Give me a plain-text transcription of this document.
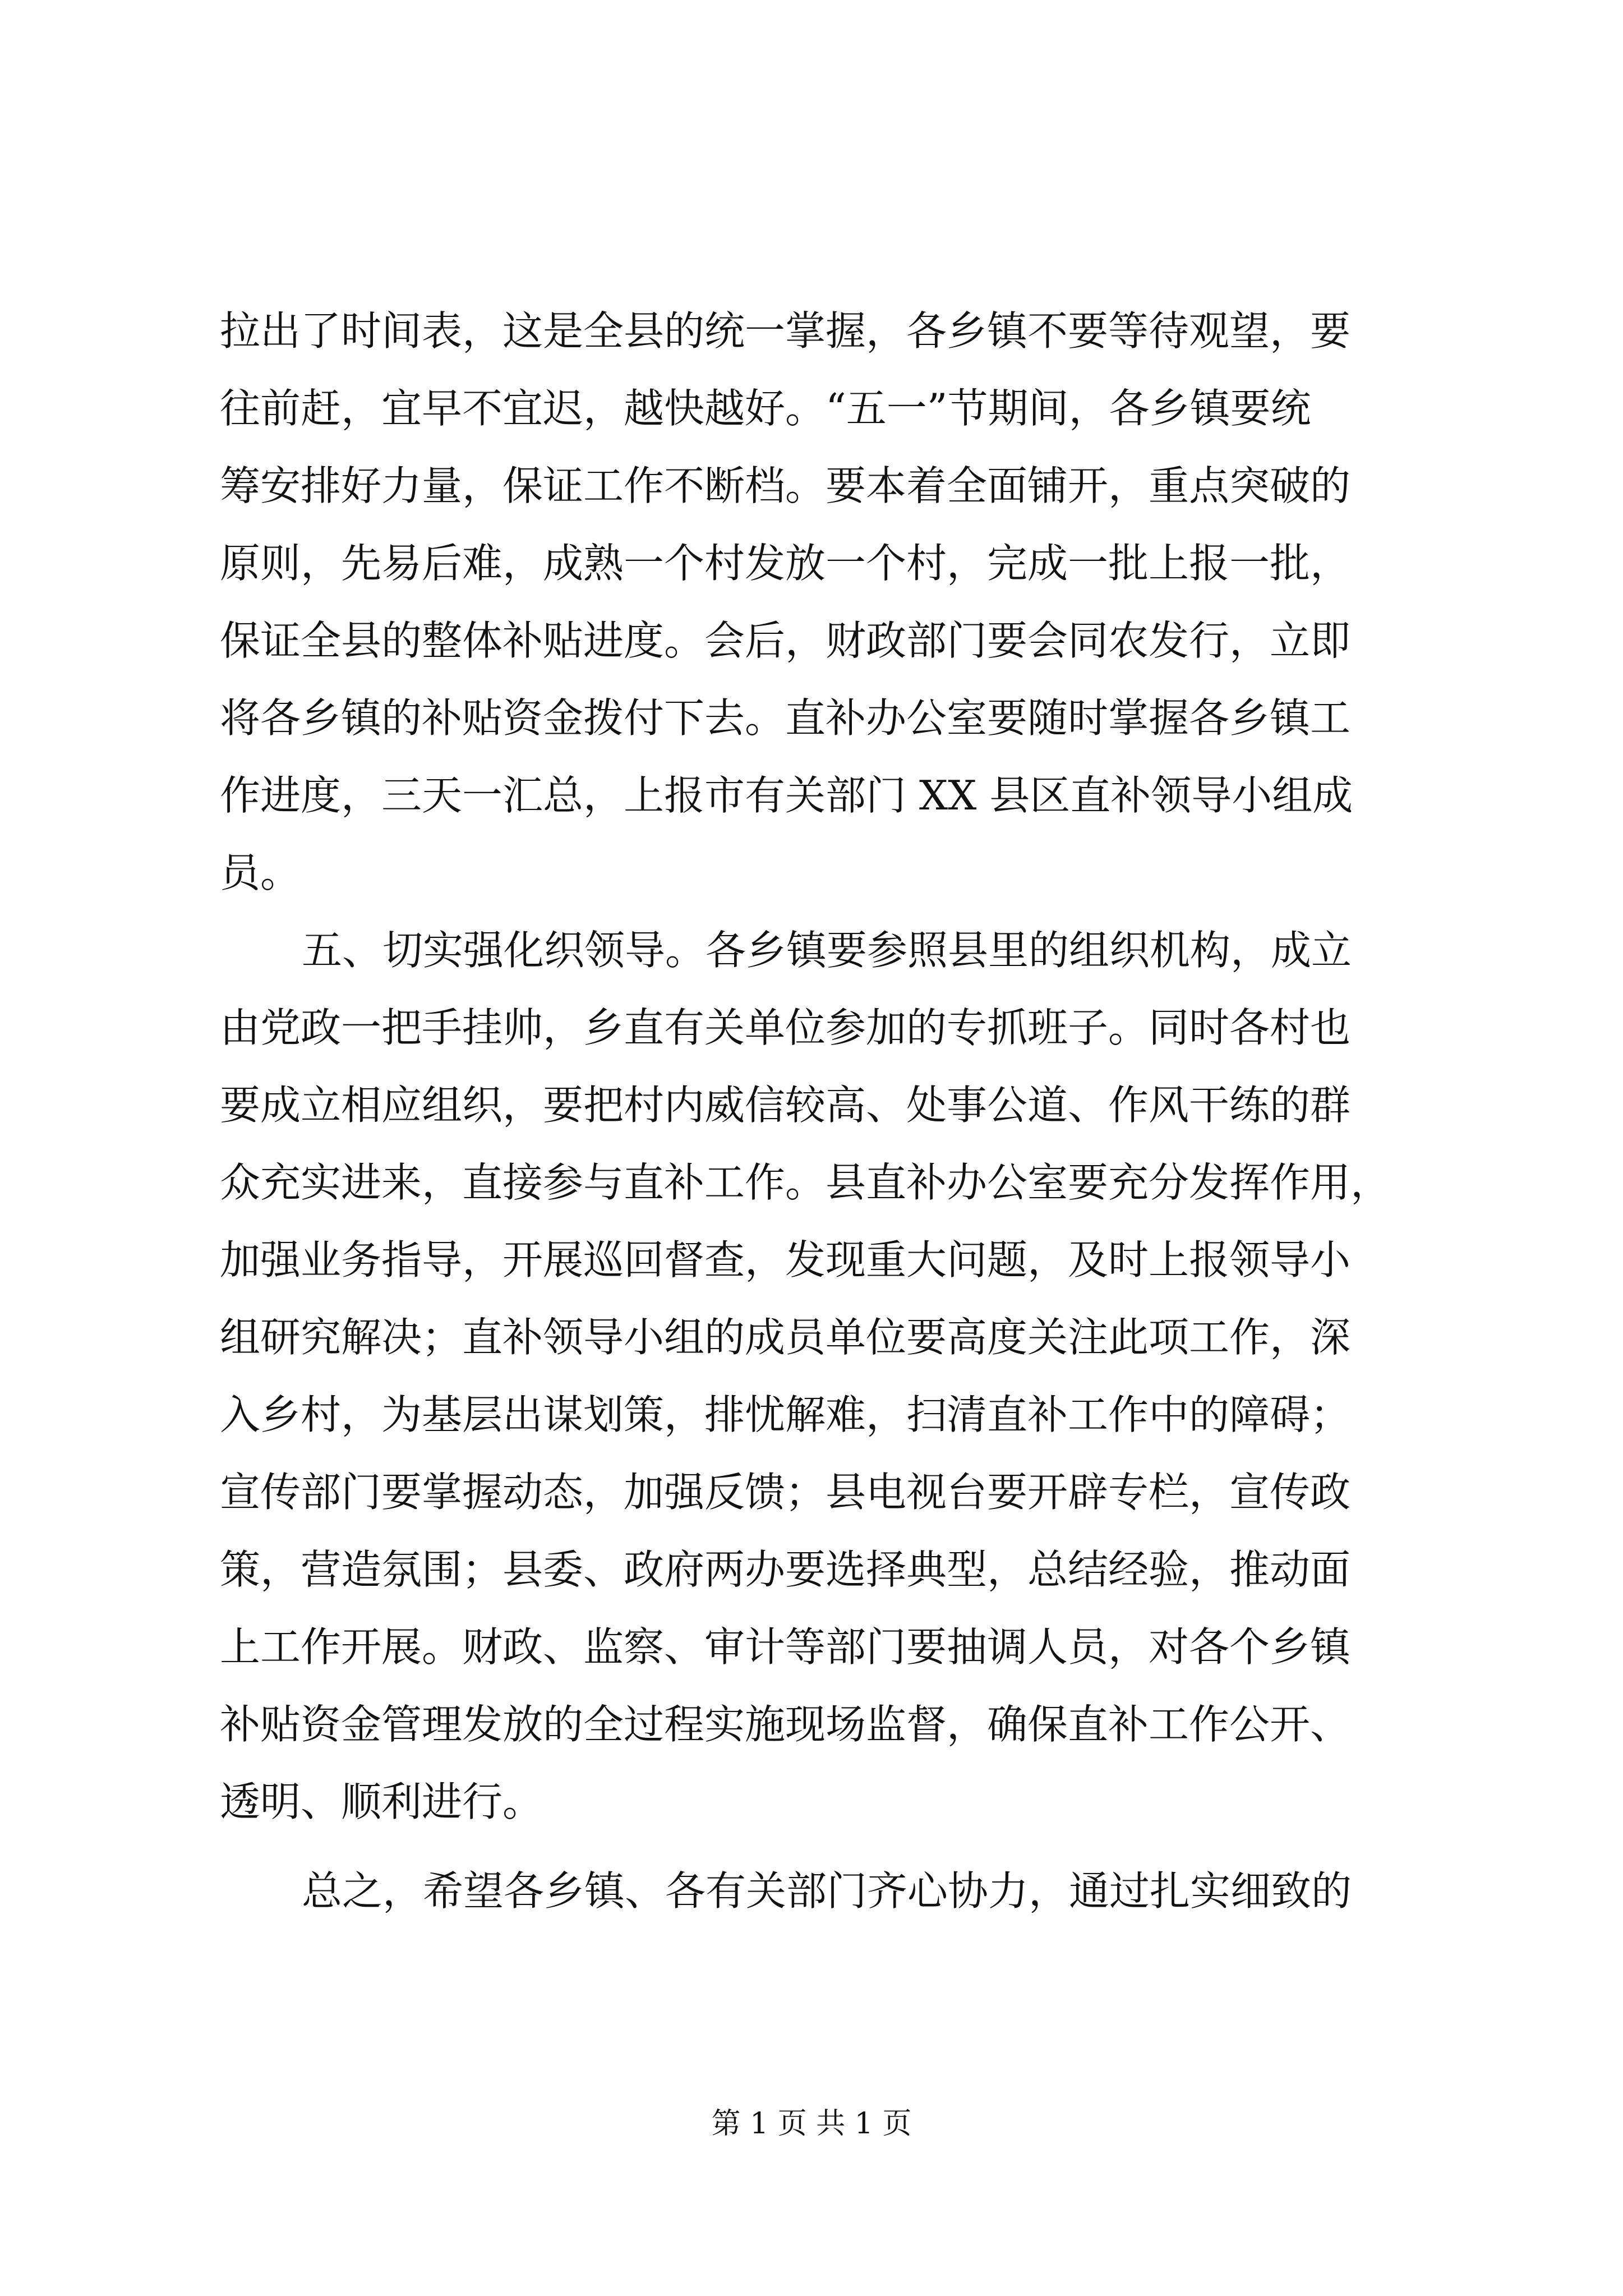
拉出了时间表，这是全县的统一掌握，各乡镇不要等待观望，要
往前赶，宜早不宜迟，越快越好。“五一”节期间，各乡镇要统
筹安排好力量，保证工作不断档。要本着全面铺开，重点突破的
原则，先易后难，成熟一个村发放一个村，完成一批上报一批，
保证全县的整体补贴进度。会后，财政部门要会同农发行，立即
将各乡镇的补贴资金拨付下去。直补办公室要随时掌握各乡镇工
作进度，三天一汇总，上报市有关部门 XX 县区直补领导小组成
员。
五、切实强化织领导。各乡镇要参照县里的组织机构，成立
由党政一把手挂帅，乡直有关单位参加的专抓班子。同时各村也
要成立相应组织，要把村内威信较高、处事公道、作风干练的群
众充实进来，直接参与直补工作。县直补办公室要充分发挥作用，
加强业务指导，开展巡回督查，发现重大问题，及时上报领导小
组研究解决；直补领导小组的成员单位要高度关注此项工作，深
入乡村，为基层出谋划策，排忧解难，扫清直补工作中的障碍；
宣传部门要掌握动态，加强反馈；县电视台要开辟专栏，宣传政
策，营造氛围；县委、政府两办要选择典型，总结经验，推动面
上工作开展。财政、监察、审计等部门要抽调人员，对各个乡镇
补贴资金管理发放的全过程实施现场监督，确保直补工作公开、
透明、顺利进行。
总之，希望各乡镇、各有关部门齐心协力，通过扎实细致的
第 1 页 共 1 页
